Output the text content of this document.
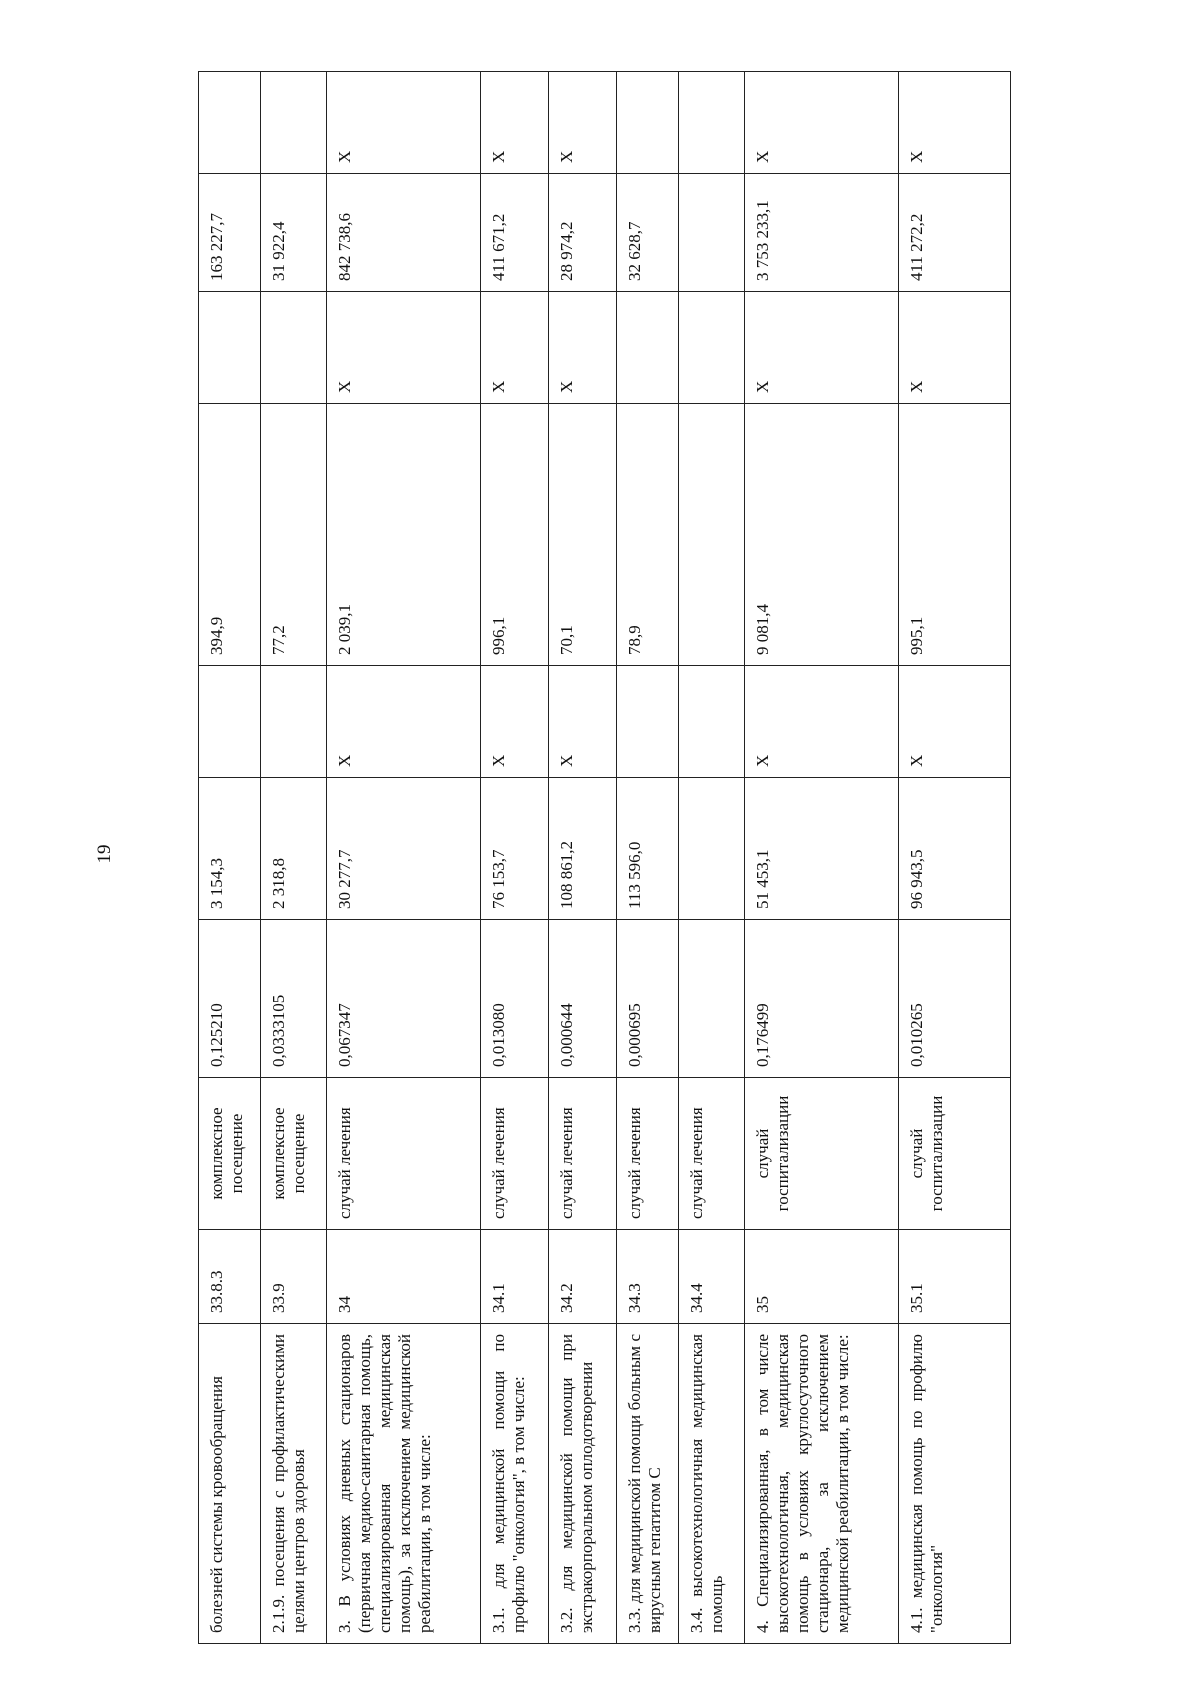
19
болезней системы кровообращения	33.8.3	комплексное посещение	0,125210	3 154,3		394,9		163 227,7	
2.1.9. посещения с профилактическими целями центров здоровья	33.9	комплексное посещение	0,0333105	2 318,8		77,2		31 922,4	
3. В условиях дневных стационаров (первичная медико-санитарная помощь, специализированная медицинская помощь), за исключением медицинской реабилитации, в том числе:	34	случай лечения	0,067347	30 277,7	X	2 039,1	X	842 738,6	X
3.1. для медицинской помощи по профилю "онкология", в том числе:	34.1	случай лечения	0,013080	76 153,7	X	996,1	X	411 671,2	X
3.2. для медицинской помощи при экстракорпоральном оплодотворении	34.2	случай лечения	0,000644	108 861,2	X	70,1	X	28 974,2	X
3.3. для медицинской помощи больным с вирусным гепатитом С	34.3	случай лечения	0,000695	113 596,0		78,9		32 628,7	
3.4. высокотехнологичная медицинская помощь	34.4	случай лечения							
4. Специализированная, в том числе высокотехнологичная, медицинская помощь в условиях круглосуточного стационара, за исключением медицинской реабилитации, в том числе:	35	случай госпитализации	0,176499	51 453,1	X	9 081,4	X	3 753 233,1	X
4.1. медицинская помощь по профилю "онкология"	35.1	случай госпитализации	0,010265	96 943,5	X	995,1	X	411 272,2	X
